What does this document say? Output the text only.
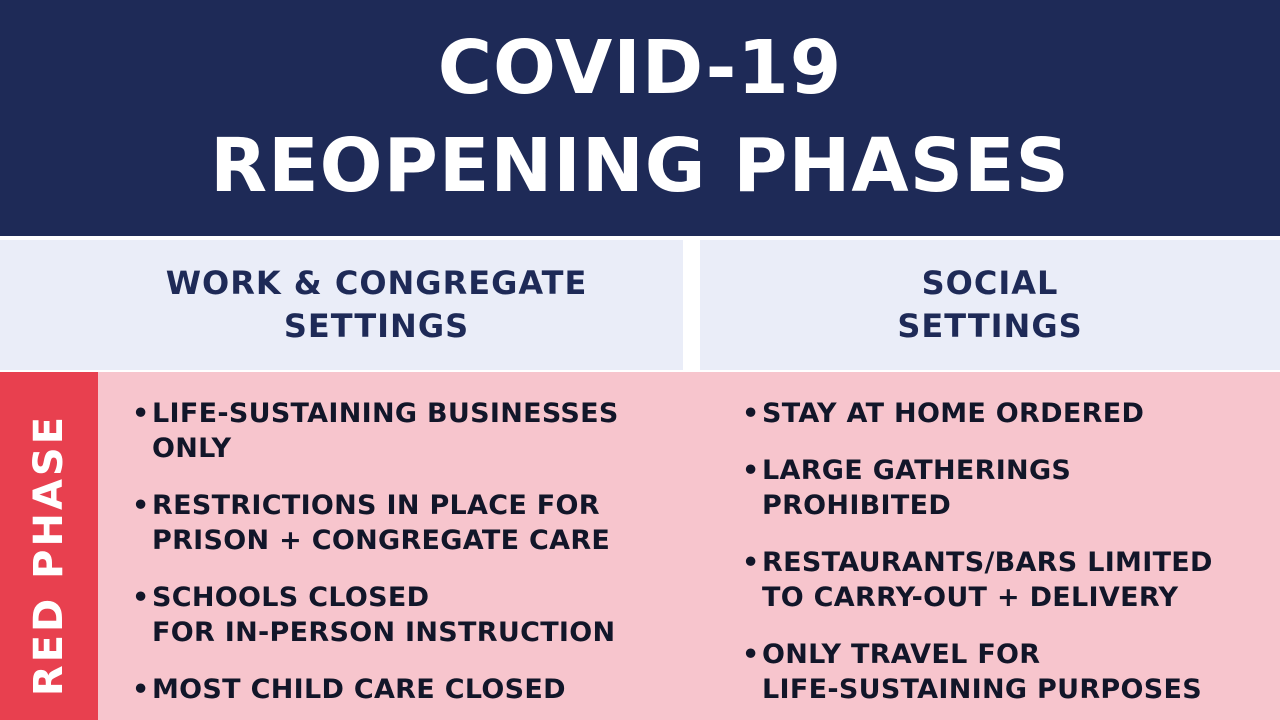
COVID-19
REOPENING PHASES
WORK & CONGREGATE
SETTINGS
SOCIAL
SETTINGS
RED PHASE
• LIFE-SUSTAINING BUSINESSES
ONLY
• RESTRICTIONS IN PLACE FOR
PRISON + CONGREGATE CARE
• SCHOOLS CLOSED
FOR IN-PERSON INSTRUCTION
• MOST CHILD CARE CLOSED
• STAY AT HOME ORDERED
• LARGE GATHERINGS
PROHIBITED
• RESTAURANTS/BARS LIMITED
TO CARRY-OUT + DELIVERY
• ONLY TRAVEL FOR
LIFE-SUSTAINING PURPOSES
